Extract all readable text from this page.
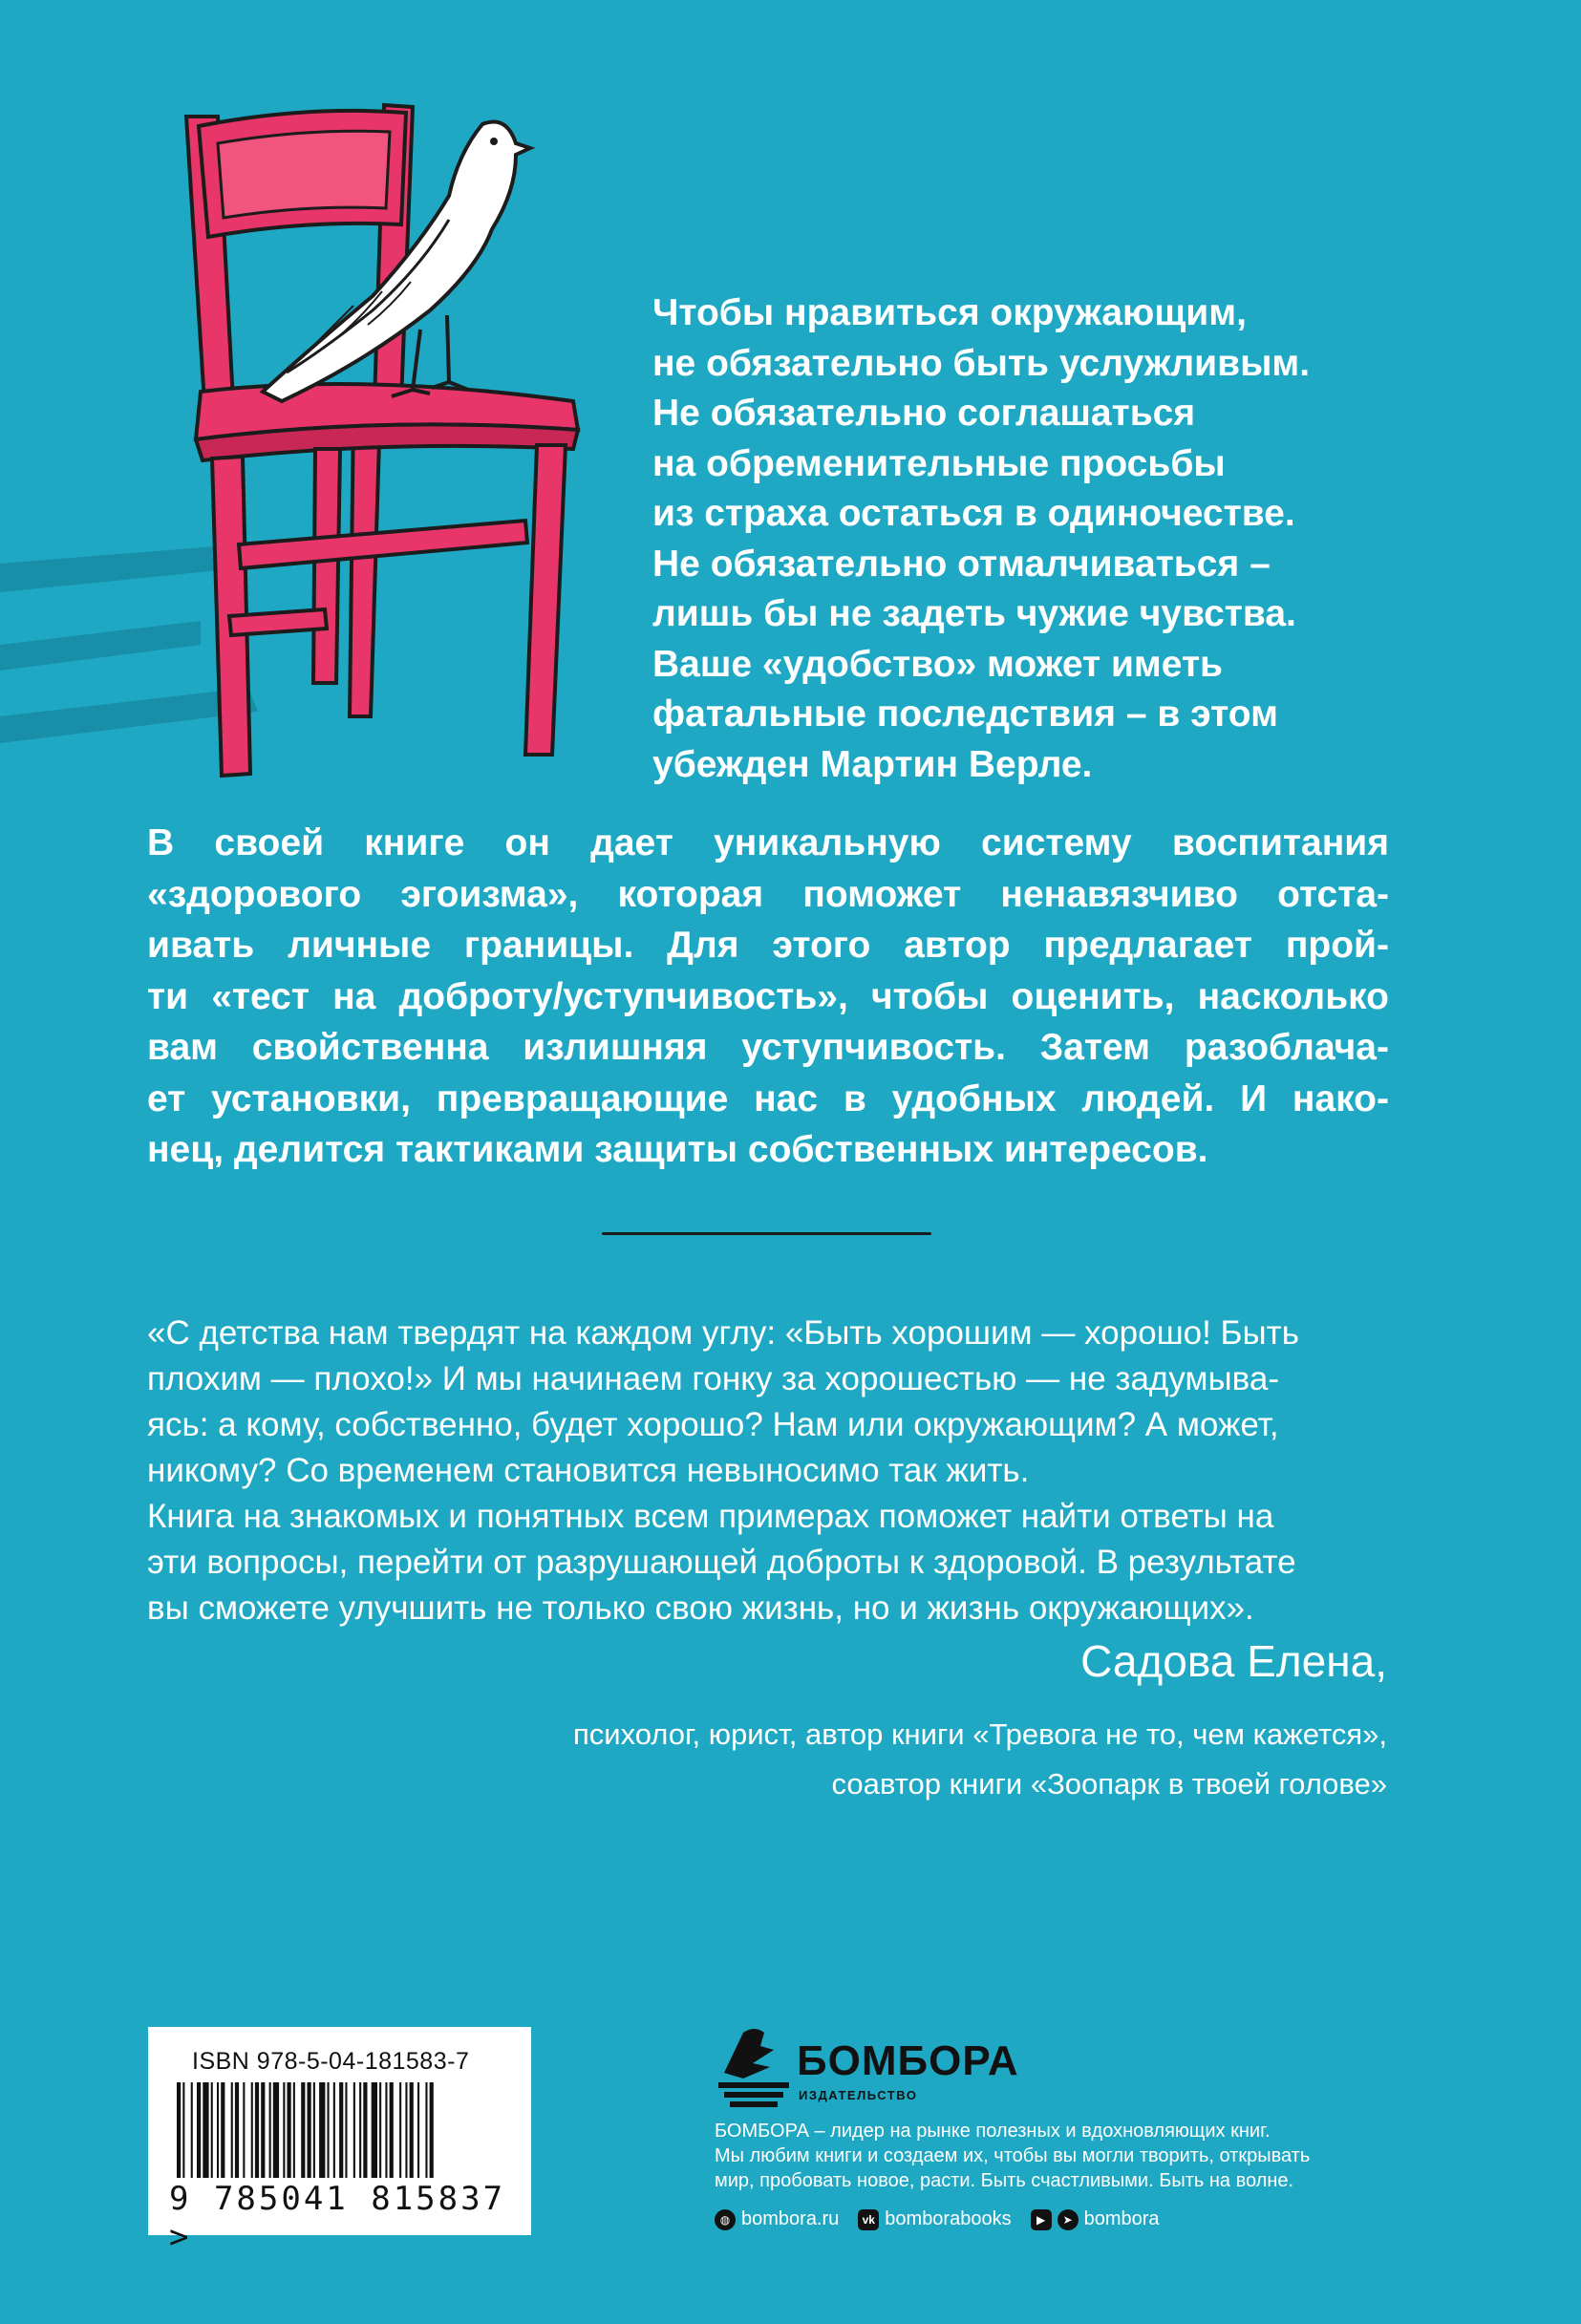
Чтобы нравиться окружающим,

не обязательно быть услужливым.

Не обязательно соглашаться

на обременительные просьбы

из страха остаться в одиночестве.

Не обязательно отмалчиваться –

лишь бы не задеть чужие чувства.

Ваше «удобство» может иметь

фатальные последствия – в этом

убежден Мартин Верле.

В своей книге он дает уникальную систему воспитания

«здорового эгоизма», которая поможет ненавязчиво отста-

ивать личные границы. Для этого автор предлагает прой-

ти «тест на доброту/уступчивость», чтобы оценить, насколько

вам свойственна излишняя уступчивость. Затем разоблача-

ет установки, превращающие нас в удобных людей. И нако-

нец, делится тактиками защиты собственных интересов.

«С детства нам твердят на каждом углу: «Быть хорошим — хорошо! Быть

плохим — плохо!» И мы начинаем гонку за хорошестью — не задумыва-

ясь: а кому, собственно, будет хорошо? Нам или окружающим? А может,

никому? Со временем становится невыносимо так жить.

Книга на знакомых и понятных всем примерах поможет найти ответы на

эти вопросы, перейти от разрушающей доброты к здоровой. В результате

вы сможете улучшить не только свою жизнь, но и жизнь окружающих».

Садова Елена,

психолог, юрист, автор книги «Тревога не то, чем кажется»,

соавтор книги «Зоопарк в твоей голове»

ISBN 978-5-04-181583-7
9 785041 815837 >
БОМБОРА
ИЗДАТЕЛЬСТВО

БОМБОРА – лидер на рынке полезных и вдохновляющих книг.

Мы любим книги и создаем их, чтобы вы могли творить, открывать

мир, пробовать новое, расти. Быть счастливыми. Быть на волне.

◍ bombora.ru	vk bomborabooks	▶	➤ bombora
